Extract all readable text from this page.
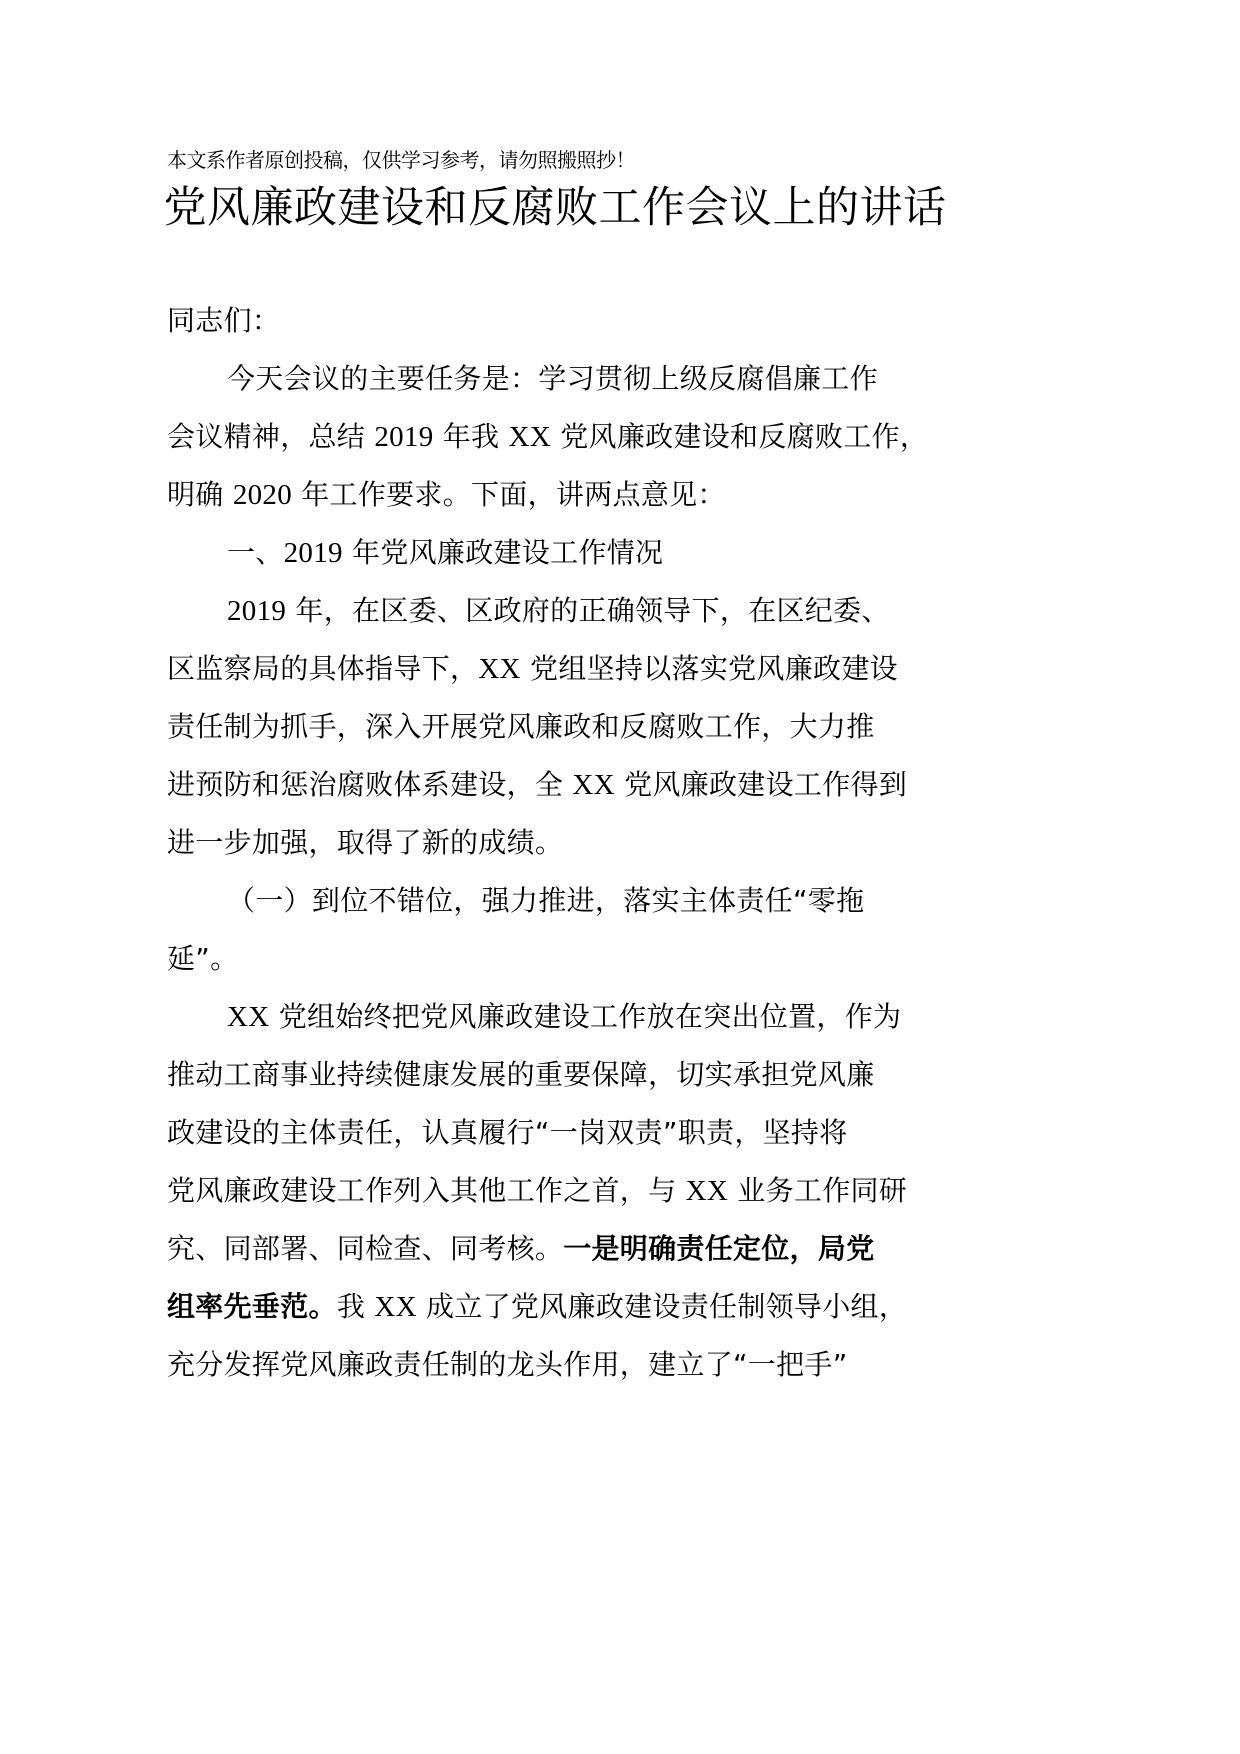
本文系作者原创投稿，仅供学习参考，请勿照搬照抄！
党风廉政建设和反腐败工作会议上的讲话
同志们：
今天会议的主要任务是：学习贯彻上级反腐倡廉工作
会议精神，总结 2019 年我 XX 党风廉政建设和反腐败工作，
明确 2020 年工作要求。下面，讲两点意见：
一、2019 年党风廉政建设工作情况
2019 年，在区委、区政府的正确领导下，在区纪委、
区监察局的具体指导下，XX 党组坚持以落实党风廉政建设
责任制为抓手，深入开展党风廉政和反腐败工作，大力推
进预防和惩治腐败体系建设，全 XX 党风廉政建设工作得到
进一步加强，取得了新的成绩。
（一）到位不错位，强力推进，落实主体责任“零拖
延”。
XX 党组始终把党风廉政建设工作放在突出位置，作为
推动工商事业持续健康发展的重要保障，切实承担党风廉
政建设的主体责任，认真履行“一岗双责”职责，坚持将
党风廉政建设工作列入其他工作之首，与 XX 业务工作同研
究、同部署、同检查、同考核。一是明确责任定位，局党
组率先垂范。我 XX 成立了党风廉政建设责任制领导小组，
充分发挥党风廉政责任制的龙头作用，建立了“一把手”
